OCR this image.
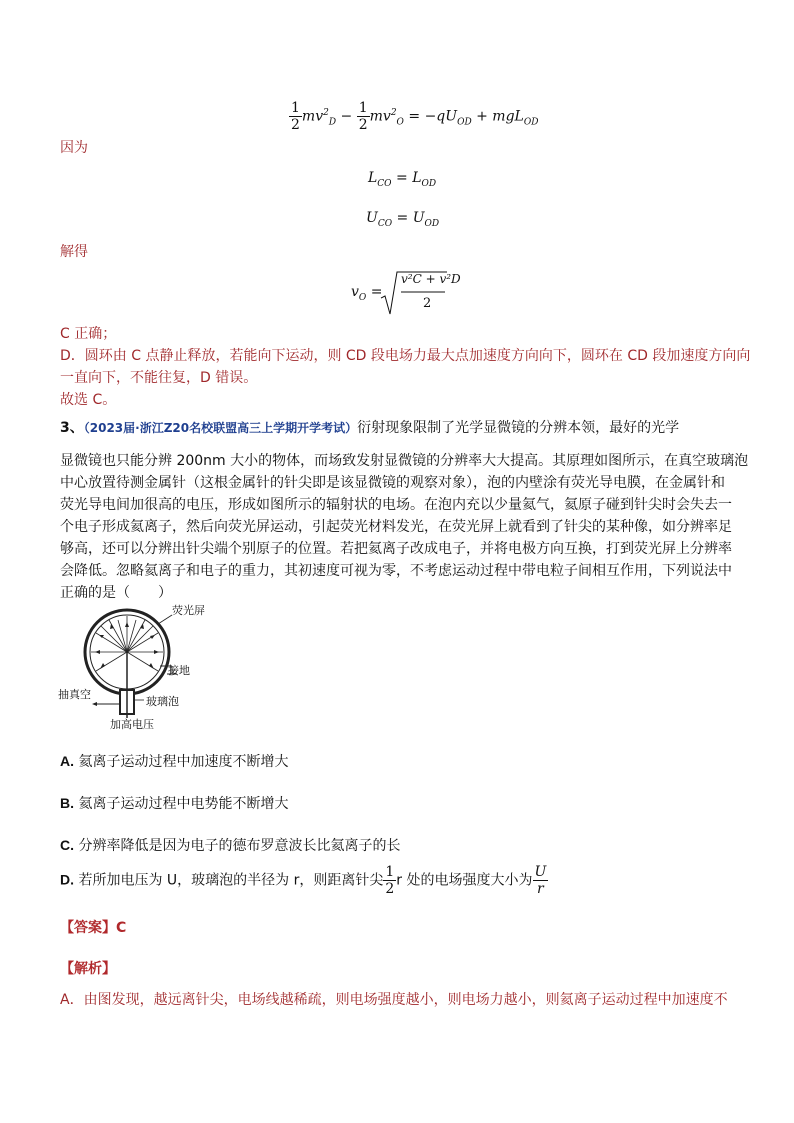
$\frac{1}{2} mv^2_D - \frac{1}{2} mv^2_O = -qU_{OD} + mgL_{OD}$
因为
$L_{CO} = L_{OD}$
$U_{CO} = U_{OD}$
解得
$v_O$ =
v²C + v²D
2
C 正确；
D．圆环由 C 点静止释放，若能向下运动，则 CD 段电场力最大点加速度方向向下，圆环在 CD 段加速度方向向
一直向下，不能往复，D 错误。
故选 C。
3、（2023届·浙江Z20名校联盟高三上学期开学考试）衍射现象限制了光学显微镜的分辨本领，最好的光学
显微镜也只能分辨 200nm 大小的物体，而场致发射显微镜的分辨率大大提高。其原理如图所示，在真空玻璃泡
中心放置待测金属针（这根金属针的针尖即是该显微镜的观察对象），泡的内壁涂有荧光导电膜，在金属针和
荧光导电间加很高的电压，形成如图所示的辐射状的电场。在泡内充以少量氦气，氦原子碰到针尖时会失去一
个电子形成氦离子，然后向荧光屏运动，引起荧光材料发光，在荧光屏上就看到了针尖的某种像，如分辨率足
够高，还可以分辨出针尖端个别原子的位置。若把氦离子改成电子，并将电极方向互换，打到荧光屏上分辨率
会降低。忽略氦离子和电子的重力，其初速度可视为零，不考虑运动过程中带电粒子间相互作用，下列说法中
正确的是（　　）
荧光屏
接地
抽真空
玻璃泡
加高电压
A. 氦离子运动过程中加速度不断增大
B. 氦离子运动过程中电势能不断增大
C. 分辨率降低是因为电子的德布罗意波长比氦离子的长
D. 若所加电压为 U，玻璃泡的半径为 r，则距离针尖 $\frac{1}{2}$ r 处的电场强度大小为 $\frac{U}{r}$
【答案】C
【解析】
A．由图发现，越远离针尖，电场线越稀疏，则电场强度越小，则电场力越小，则氦离子运动过程中加速度不
